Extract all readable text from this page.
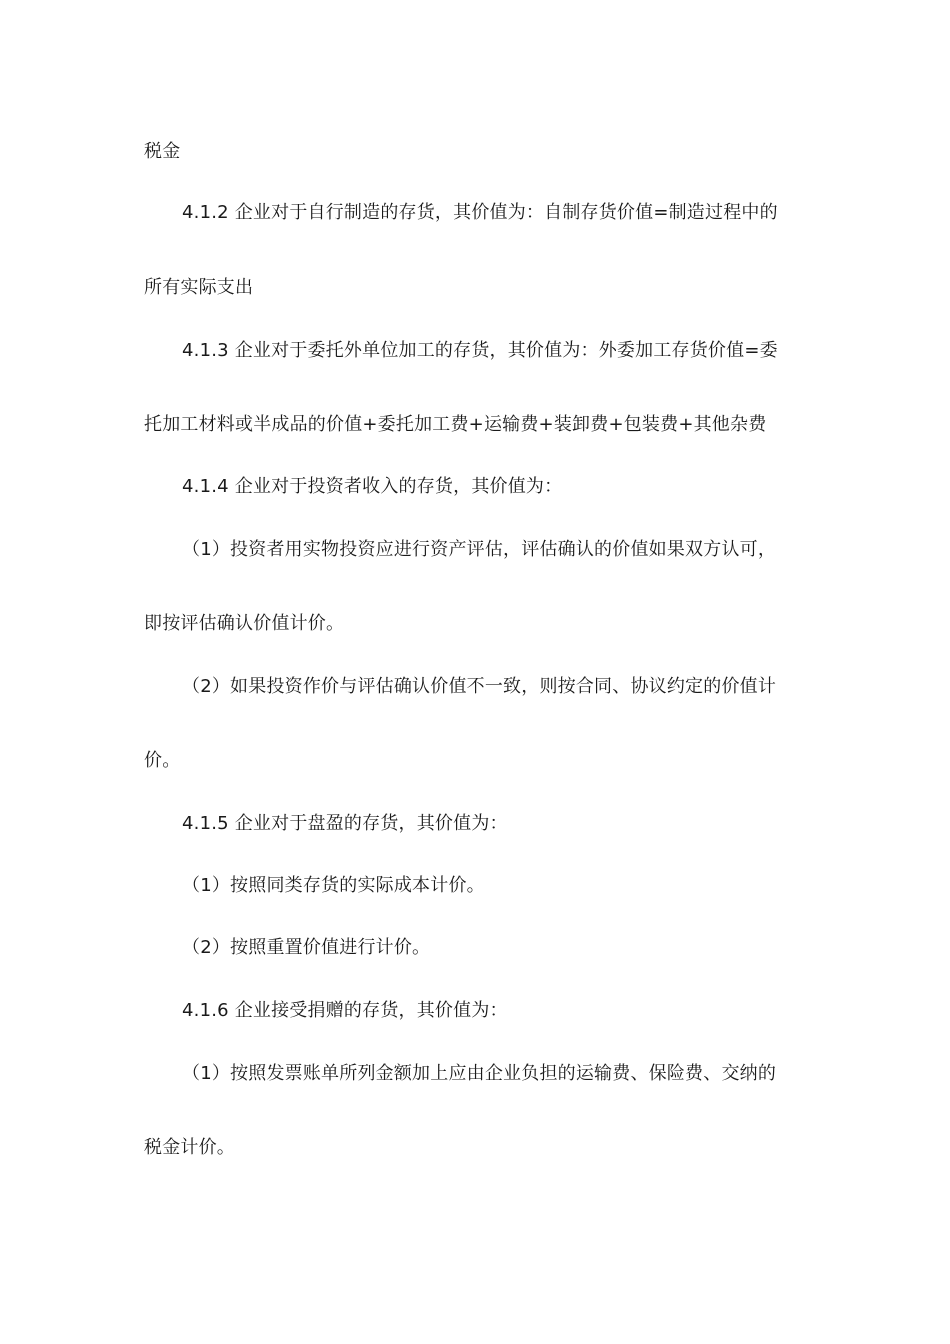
税金
4.1.2 企业对于自行制造的存货，其价值为：自制存货价值=制造过程中的
所有实际支出
4.1.3 企业对于委托外单位加工的存货，其价值为：外委加工存货价值=委
托加工材料或半成品的价值+委托加工费+运输费+装卸费+包装费+其他杂费
4.1.4 企业对于投资者收入的存货，其价值为：
（1）投资者用实物投资应进行资产评估，评估确认的价值如果双方认可，
即按评估确认价值计价。
（2）如果投资作价与评估确认价值不一致，则按合同、协议约定的价值计
价。
4.1.5 企业对于盘盈的存货，其价值为：
（1）按照同类存货的实际成本计价。
（2）按照重置价值进行计价。
4.1.6 企业接受捐赠的存货，其价值为：
（1）按照发票账单所列金额加上应由企业负担的运输费、保险费、交纳的
税金计价。
